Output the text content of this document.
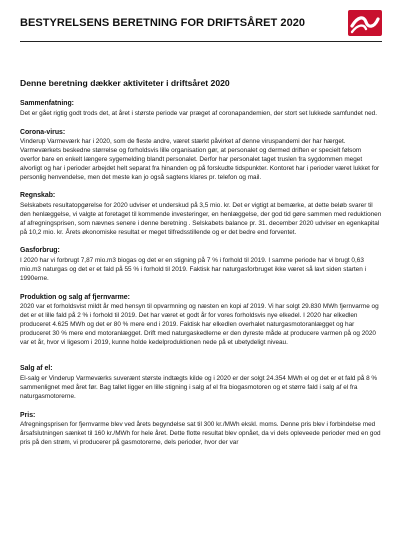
BESTYRELSENS BERETNING FOR DRIFTSÅRET 2020
Denne beretning dækker aktiviteter i driftsåret 2020
Sammenfatning:
Det er gået rigtig godt trods det, at året i største periode var præget af coronapandemien, der stort set lukkede samfundet ned.
Corona-virus:
Vinderup Varmeværk har i 2020, som de fleste andre, været stærkt påvirket af denne viruspandemi der har hærget. Varmeværkets beskedne størrelse og forholdsvis lille organisation gør, at personalet og dermed driften er specielt følsom overfor bare en enkelt længere sygemelding blandt personalet. Derfor har personalet taget truslen fra sygdommen meget alvorligt og har i perioder arbejdet helt separat fra hinanden og på forskudte tidspunkter. Kontoret har i perioder været lukket for personlig henvendelse, men det meste kan jo også sagtens klares pr. telefon og mail.
Regnskab:
Selskabets resultatopgørelse for 2020 udviser et underskud på 3,5 mio. kr. Det er vigtigt at bemærke, at dette beløb svarer til den henlæggelse, vi valgte at foretaget til kommende investeringer, en henlæggelse, der god tid gøre sammen med reduktionen af afregningsprisen, som nævnes senere i denne beretning . Selskabets balance pr. 31. december 2020 udviser en egenkapital på 10,2 mio. kr. Årets økonomiske resultat er meget tilfredsstillende og er det bedre end forventet.
Gasforbrug:
I 2020 har vi forbrugt 7,87 mio.m3 biogas og det er en stigning på 7 % i forhold til 2019. I samme periode har vi brugt 0,63 mio.m3 naturgas og det er et fald på 55 % i forhold til 2019. Faktisk har naturgasforbruget ikke været så lavt siden starten i 1990erne.
Produktion og salg af fjernvarme:
2020 var et forholdsvist mildt år med hensyn til opvarmning og næsten en kopi af 2019. Vi har solgt 29.830 MWh fjernvarme og det er et lille fald på 2 % i forhold til 2019. Det har været et godt år for vores forholdsvis nye elkedel. I 2020 har elkedlen produceret 4.625 MWh og det er 80 % mere end i 2019. Faktisk har elkedlen overhalet naturgasmotoranlægget og har produceret 30 % mere end motoranlægget. Drift med naturgaskedlerne er den dyreste måde at producere varmen på og 2020 var et år, hvor vi ligesom i 2019, kunne holde kedelproduktionen nede på et ubetydeligt niveau.
Salg af el:
El-salg er Vinderup Varmeværks suverænt største indtægts kilde og i 2020 er der solgt 24.354 MWh el og det er et fald på 8 % sammenlignet med året før. Bag tallet ligger en lille stigning i salg af el fra biogasmotoren og et større fald i salg af el fra naturgasmotorerne.
Pris:
Afregningsprisen for fjernvarme blev ved årets begyndelse sat til 300 kr./MWh ekskl. moms. Denne pris blev i forbindelse med årsafslutningen sænket til 160 kr./MWh for hele året. Dette flotte resultat blev opnået, da vi dels opleveede perioder med en god pris på den strøm, vi producerer på gasmotorerne, dels perioder, hvor der var
